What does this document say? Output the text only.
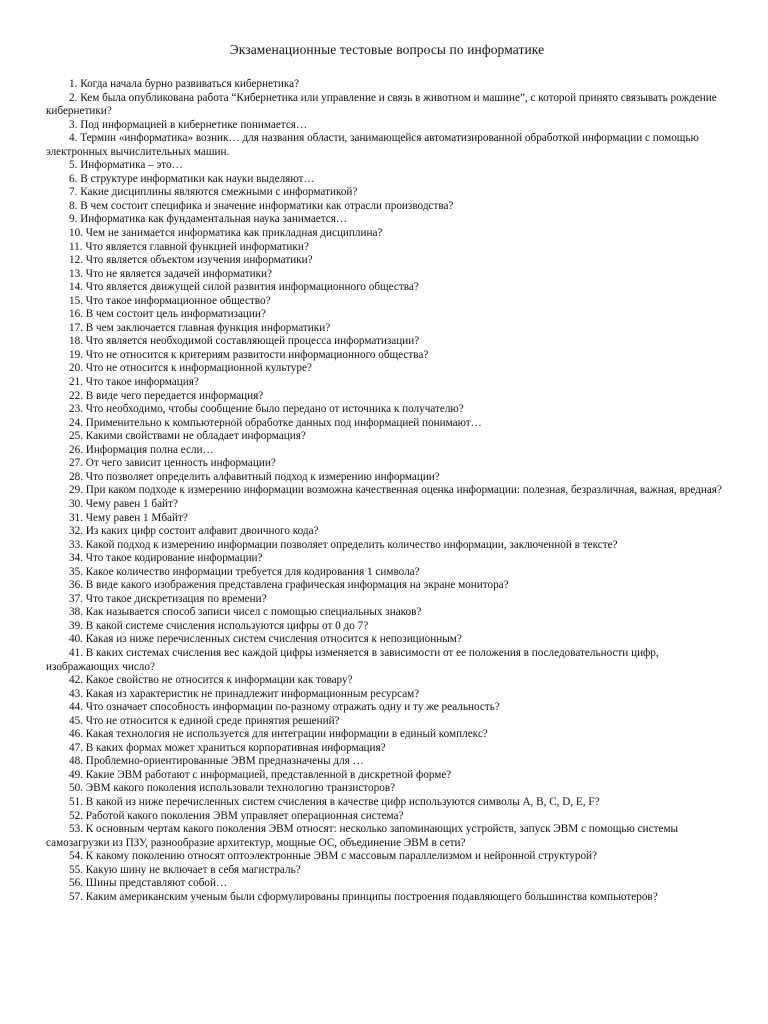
Экзаменационные тестовые вопросы по информатике
1. Когда начала бурно развиваться кибернетика?
2. Кем была опубликована работа “Кибернетика или управление и связь в животном и машине”, с которой принято связывать рождение кибернетики?
3. Под информацией в кибернетике понимается…
4. Термин «информатика» возник… для названия области, занимающейся автоматизированной обработкой информации с помощью электронных вычислительных машин.
5. Информатика – это…
6. В структуре информатики как науки выделяют…
7. Какие дисциплины являются смежными с информатикой?
8. В чем состоит специфика и значение информатики как отрасли производства?
9. Информатика как фундаментальная наука занимается…
10. Чем не занимается информатика как прикладная дисциплина?
11. Что является главной функцией информатики?
12. Что является объектом изучения информатики?
13. Что не является задачей информатики?
14. Что является движущей силой развития информационного общества?
15. Что такое информационное общество?
16. В чем состоит цель информатизации?
17. В чем заключается главная функция информатики?
18. Что является необходимой составляющей процесса информатизации?
19. Что не относится к критериям развитости информационного общества?
20. Что не относится к информационной культуре?
21. Что такое информация?
22. В виде чего передается информация?
23. Что необходимо, чтобы сообщение было передано от источника к получателю?
24. Применительно к компьютерной обработке данных под информацией понимают…
25. Какими свойствами не обладает информация?
26. Информация полна если…
27. От чего зависит ценность информации?
28. Что позволяет определить алфавитный подход к измерению информации?
29. При каком подходе к измерению информации возможна качественная оценка информации: полезная, безразличная, важная, вредная?
30. Чему равен 1 байт?
31. Чему равен 1 Мбайт?
32. Из каких цифр состоит алфавит двоичного кода?
33. Какой подход к измерению информации позволяет определить количество информации, заключенной в тексте?
34. Что такое кодирование информации?
35. Какое количество информации требуется для кодирования 1 символа?
36. В виде какого изображения представлена графическая информация на экране монитора?
37. Что такое дискретизация по времени?
38. Как называется способ записи чисел с помощью специальных знаков?
39. В какой системе счисления используются цифры от 0 до 7?
40. Какая из ниже перечисленных систем счисления относится к непозиционным?
41. В каких системах счисления вес каждой цифры изменяется в зависимости от ее положения в последовательности цифр, изображающих число?
42. Какое свойство не относится к информации как товару?
43. Какая из характеристик не принадлежит информационным ресурсам?
44. Что означает способность информации по-разному отражать одну и ту же реальность?
45. Что не относится к единой среде принятия решений?
46. Какая технология не используется для интеграции информации в единый комплекс?
47. В каких формах может храниться корпоративная информация?
48. Проблемно-ориентированные ЭВМ предназначены для …
49. Какие ЭВМ работают с информацией, представленной в дискретной форме?
50. ЭВМ какого поколения использовали технологию транзисторов?
51. В какой из ниже перечисленных систем счисления в качестве цифр используются символы A, B, C, D, E, F?
52. Работой какого поколения ЭВМ управляет операционная система?
53. К основным чертам какого поколения ЭВМ относят: несколько запоминающих устройств, запуск ЭВМ с помощью системы самозагрузки из ПЗУ, разнообразие архитектур, мощные ОС, объединение ЭВМ в сети?
54. К какому поколению относят оптоэлектронные ЭВМ с массовым параллелизмом и нейронной структурой?
55. Какую шину не включает в себя магистраль?
56. Шины представляют собой…
57. Каким американским ученым были сформулированы принципы построения подавляющего большинства компьютеров?
